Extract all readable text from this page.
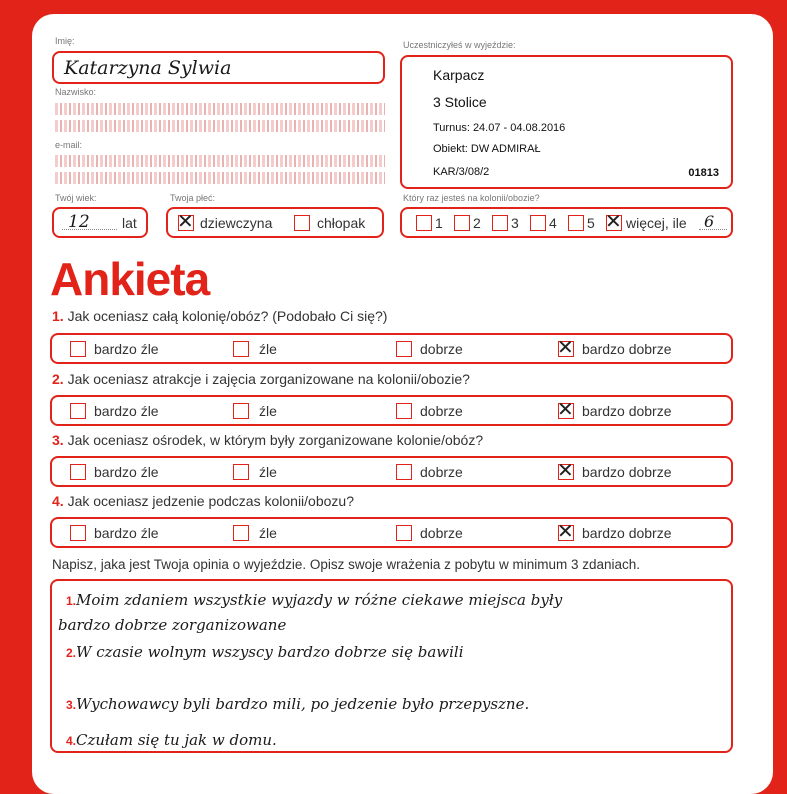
Imię:
Katarzyna Sylwia
Nazwisko:
e-mail:
Uczestniczyłeś w wyjeździe:
Karpacz
3 Stolice
Turnus: 24.07 - 04.08.2016
Obiekt: DW ADMIRAŁ
KAR/3/08/2	01813
Twój wiek:
12 lat
Twoja płeć:
✕ dziewczyna	chłopak
Który raz jesteś na kolonii/obozie?
1 2 3 4 5 ✕ więcej, ile 6
Ankieta
1. Jak oceniasz całą kolonię/obóz? (Podobało Ci się?)
bardzo źle	źle	dobrze	✕ bardzo dobrze
2. Jak oceniasz atrakcje i zajęcia zorganizowane na kolonii/obozie?
bardzo źle	źle	dobrze	✕ bardzo dobrze
3. Jak oceniasz ośrodek, w którym były zorganizowane kolonie/obóz?
bardzo źle	źle	dobrze	✕ bardzo dobrze
4. Jak oceniasz jedzenie podczas kolonii/obozu?
bardzo źle	źle	dobrze	✕ bardzo dobrze
Napisz, jaka jest Twoja opinia o wyjeździe. Opisz swoje wrażenia z pobytu w minimum 3 zdaniach.
1.Moim zdaniem wszystkie wyjazdy w różne ciekawe miejsca były
bardzo dobrze zorganizowane
2.W czasie wolnym wszyscy bardzo dobrze się bawili
3.Wychowawcy byli bardzo mili, po jedzenie było przepyszne.
4.Czułam się tu jak w domu.
